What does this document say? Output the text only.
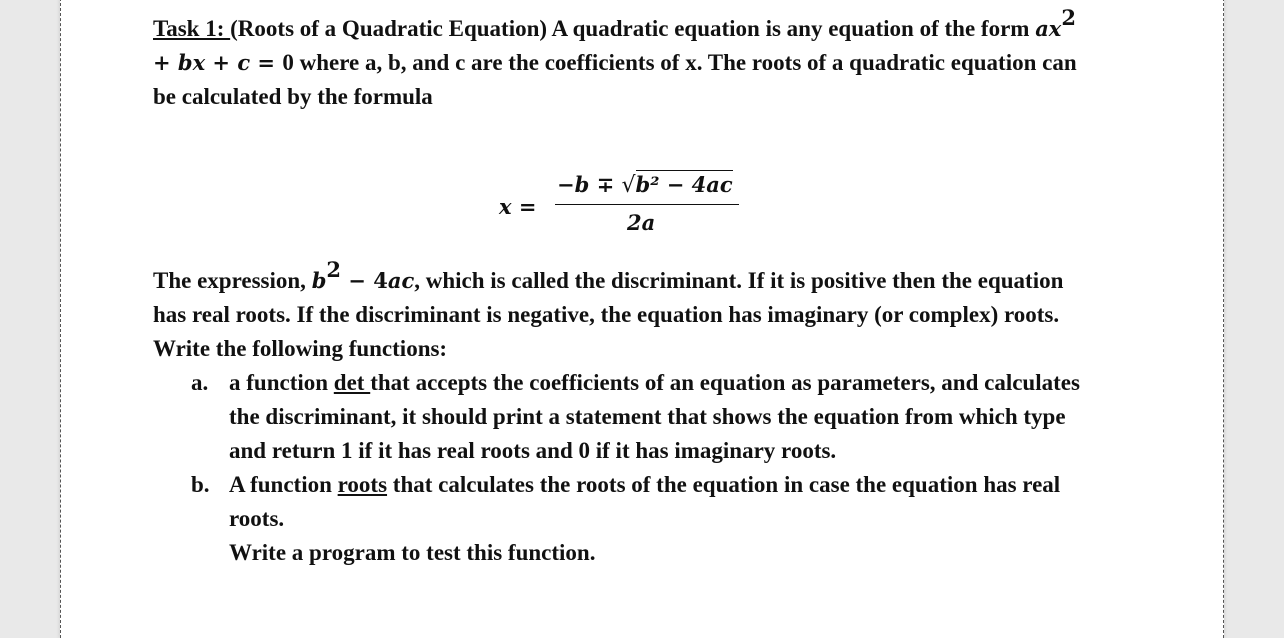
Task 1: (Roots of a Quadratic Equation) A quadratic equation is any equation of the form $ax^2$ + bx + c = 0 where a, b, and c are the coefficients of x. The roots of a quadratic equation can be calculated by the formula

x =
−b ∓ √b² − 4ac
2a

The expression, $b^2 - 4ac$, which is called the discriminant. If it is positive then the equation has real roots. If the discriminant is negative, the equation has imaginary (or complex) roots. Write the following functions:

a. a function det that accepts the coefficients of an equation as parameters, and calculates the discriminant, it should print a statement that shows the equation from which type and return 1 if it has real roots and 0 if it has imaginary roots.

b. A function roots that calculates the roots of the equation in case the equation has real roots.

Write a program to test this function.
